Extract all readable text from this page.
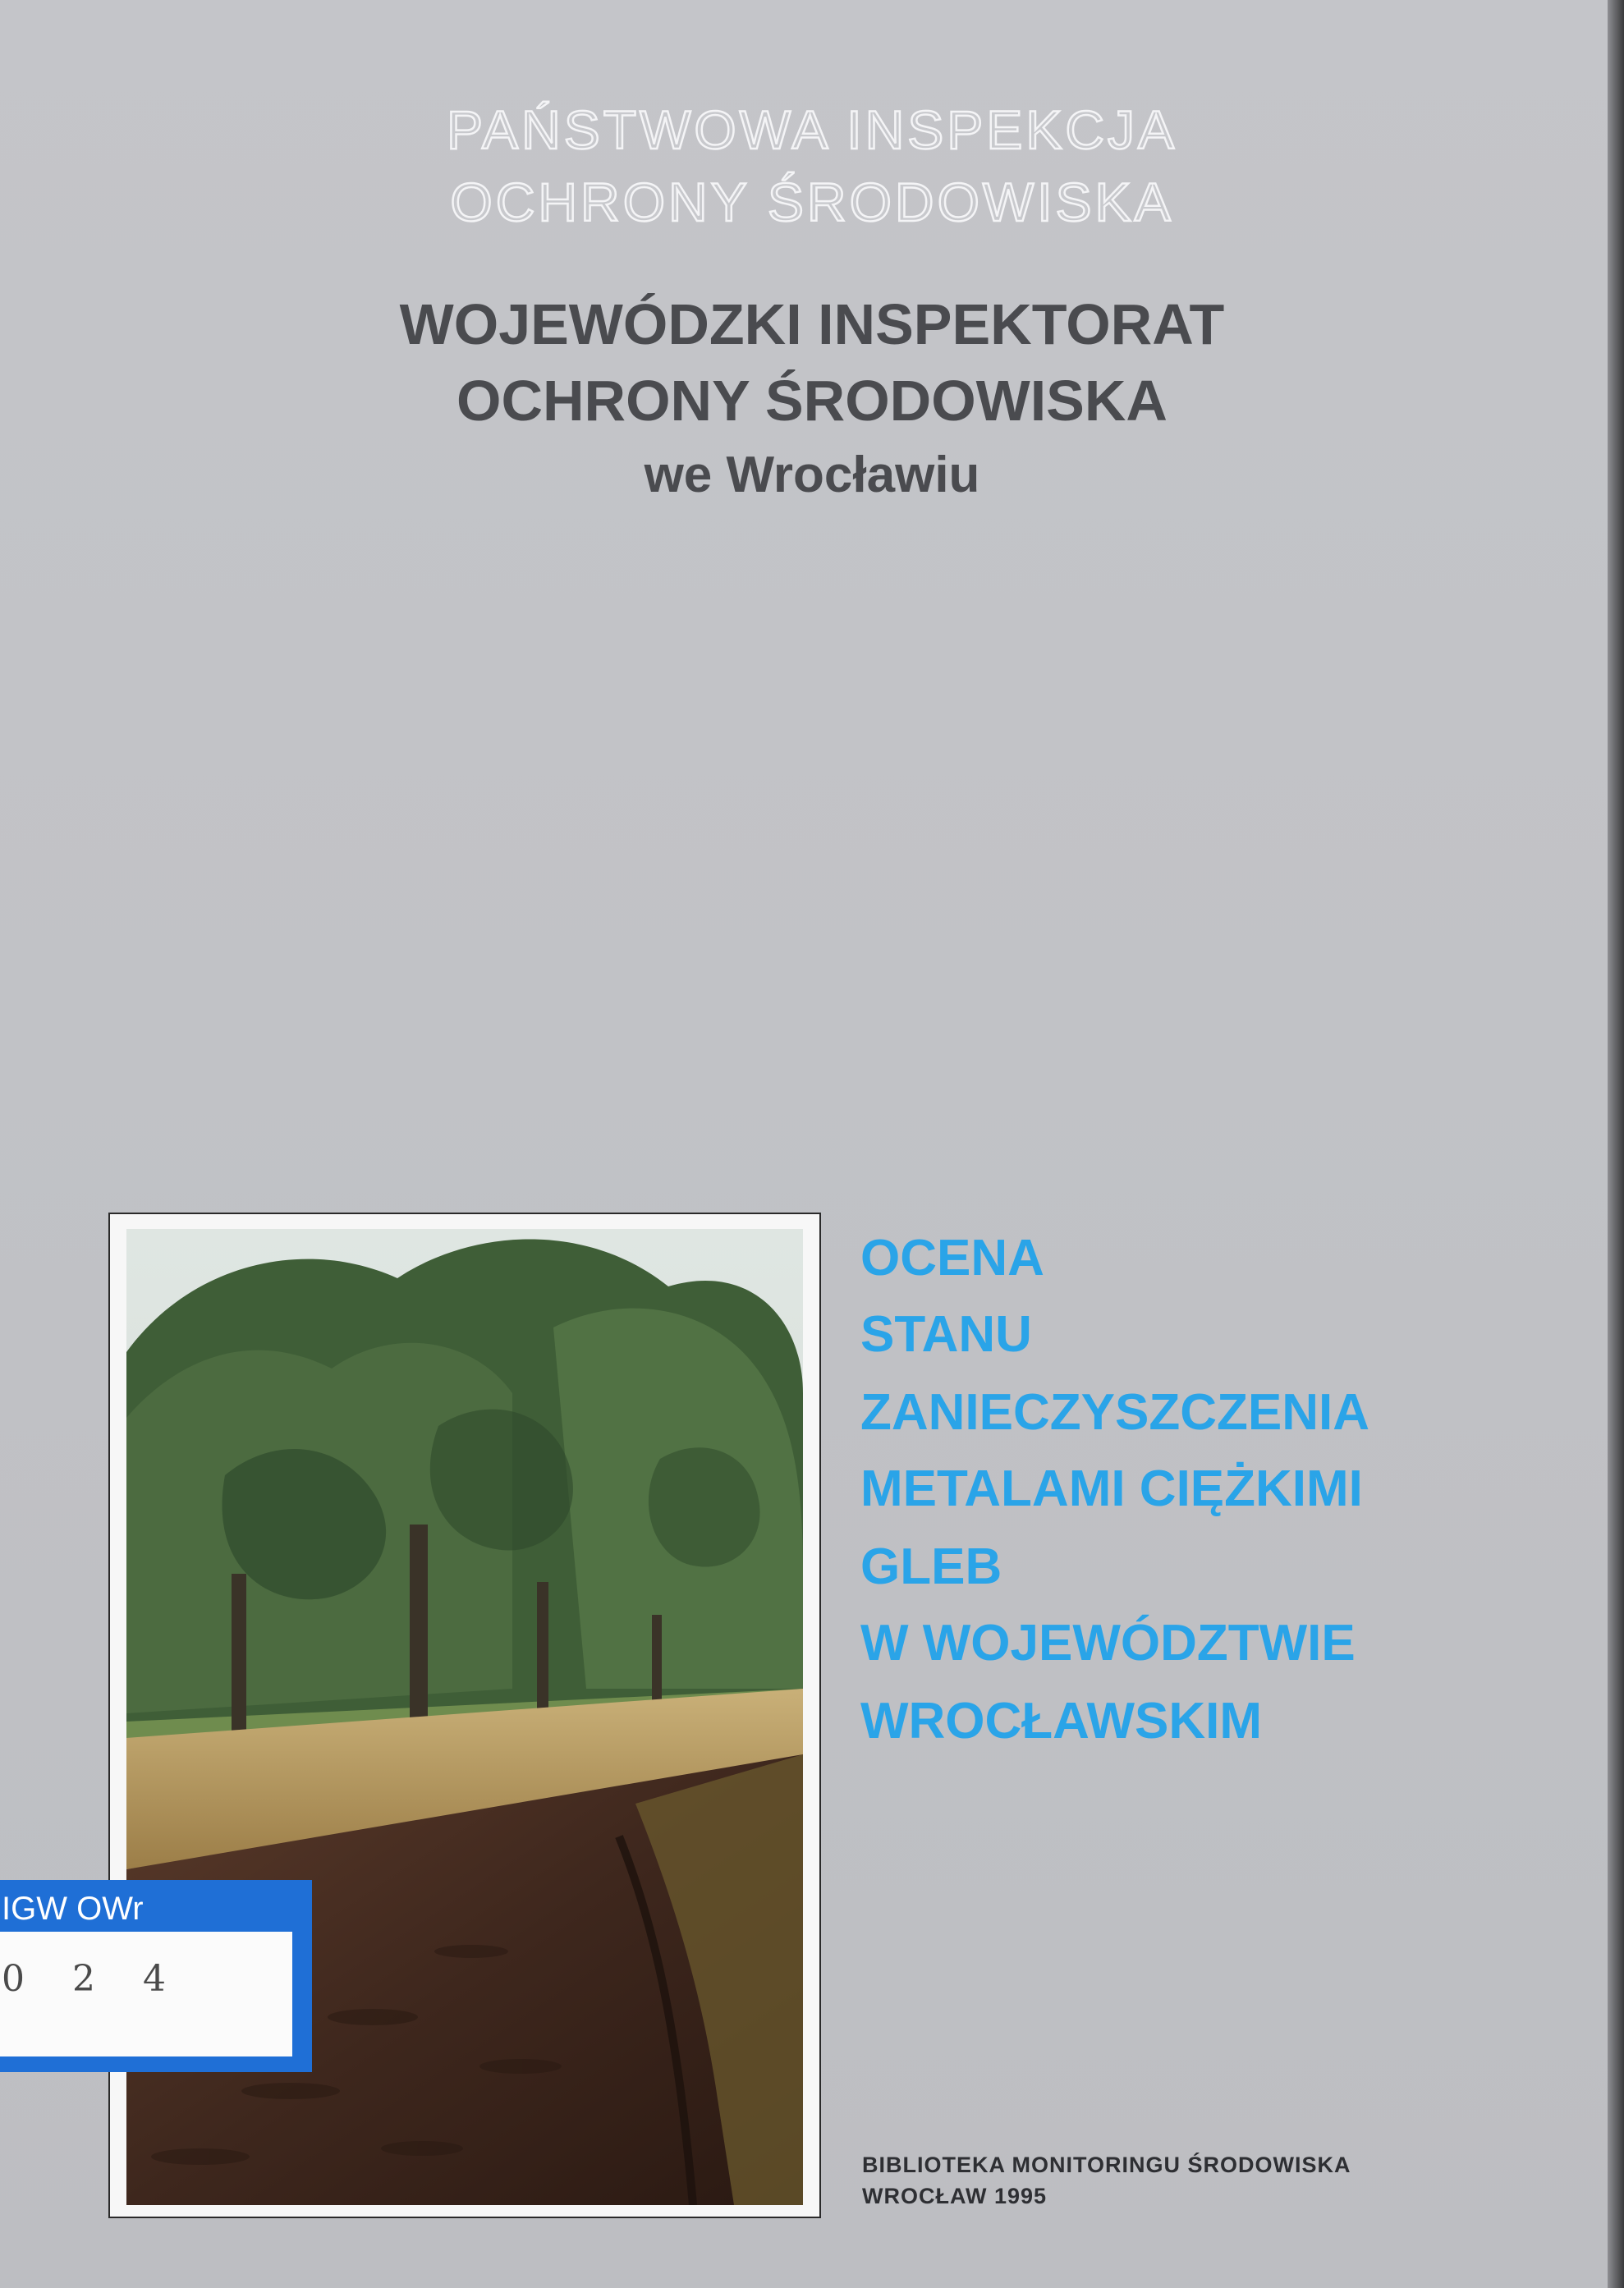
PAŃSTWOWA INSPEKCJA
OCHRONY ŚRODOWISKA
WOJEWÓDZKI INSPEKTORAT
OCHRONY ŚRODOWISKA
we Wrocławiu
IGW OWr
0 2 4
OCENA
STANU
ZANIECZYSZCZENIA
METALAMI CIĘŻKIMI
GLEB
W WOJEWÓDZTWIE
WROCŁAWSKIM
BIBLIOTEKA MONITORINGU ŚRODOWISKA
WROCŁAW 1995
